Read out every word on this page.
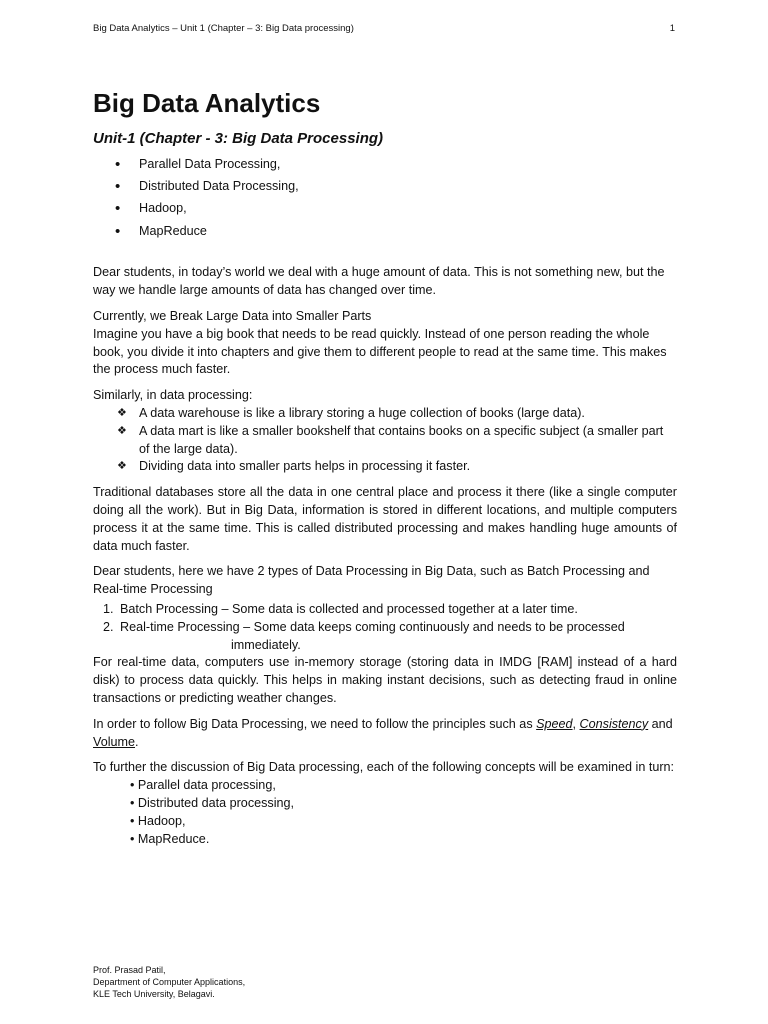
Big Data Analytics – Unit 1 (Chapter – 3: Big Data processing)	1
Big Data Analytics
Unit-1 (Chapter - 3: Big Data Processing)
• Parallel Data Processing,
• Distributed Data Processing,
• Hadoop,
• MapReduce

Dear students, in today’s world we deal with a huge amount of data. This is not something new, but the way we handle large amounts of data has changed over time.

Currently, we Break Large Data into Smaller Parts

Imagine you have a big book that needs to be read quickly. Instead of one person reading the whole book, you divide it into chapters and give them to different people to read at the same time. This makes the process much faster.

Similarly, in data processing:

❖ A data warehouse is like a library storing a huge collection of books (large data).
❖ A data mart is like a smaller bookshelf that contains books on a specific subject (a smaller part of the large data).
❖ Dividing data into smaller parts helps in processing it faster.

Traditional databases store all the data in one central place and process it there (like a single computer doing all the work). But in Big Data, information is stored in different locations, and multiple computers process it at the same time. This is called distributed processing and makes handling huge amounts of data much faster.

Dear students, here we have 2 types of Data Processing in Big Data, such as Batch Processing and Real-time Processing

1. Batch Processing – Some data is collected and processed together at a later time.
2. Real-time Processing – Some data keeps coming continuously and needs to be processed
immediately.

For real-time data, computers use in-memory storage (storing data in IMDG [RAM] instead of a hard disk) to process data quickly. This helps in making instant decisions, such as detecting fraud in online transactions or predicting weather changes.

In order to follow Big Data Processing, we need to follow the principles such as Speed, Consistency and Volume.

To further the discussion of Big Data processing, each of the following concepts will be examined in turn:

• Parallel data processing,
• Distributed data processing,
• Hadoop,
• MapReduce.
Prof. Prasad Patil,
Department of Computer Applications,
KLE Tech University, Belagavi.
